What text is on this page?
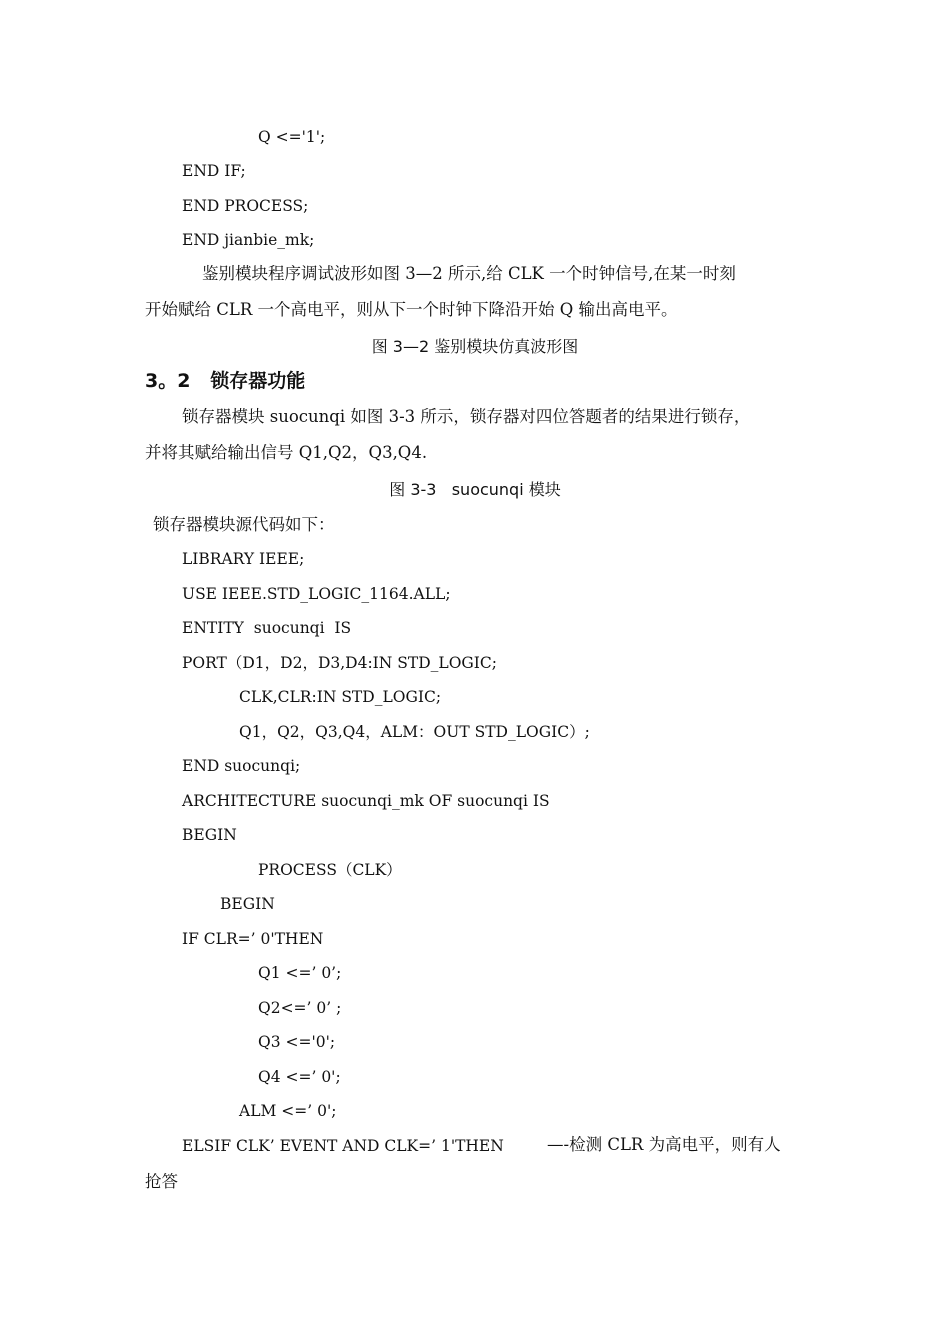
Q <='1';
END IF;
END PROCESS;
END jianbie_mk;
鉴别模块程序调试波形如图 3—2 所示,给 CLK 一个时钟信号,在某一时刻
开始赋给 CLR 一个高电平，则从下一个时钟下降沿开始 Q 输出高电平。
图 3—2 鉴别模块仿真波形图
3。2   锁存器功能
锁存器模块 suocunqi 如图 3-3 所示，锁存器对四位答题者的结果进行锁存，
并将其赋给输出信号 Q1,Q2，Q3,Q4.
图 3-3   suocunqi 模块
锁存器模块源代码如下：
LIBRARY IEEE;
USE IEEE.STD_LOGIC_1164.ALL;
ENTITY  suocunqi  IS
PORT（D1，D2，D3,D4:IN STD_LOGIC;
CLK,CLR:IN STD_LOGIC;
Q1，Q2，Q3,Q4，ALM：OUT STD_LOGIC）;
END suocunqi;
ARCHITECTURE suocunqi_mk OF suocunqi IS
BEGIN
PROCESS（CLK）
BEGIN
IF CLR=’ 0'THEN
Q1 <=’ 0’;
Q2<=’ 0’ ;
Q3 <='0';
Q4 <=’ 0';
ALM <=’ 0';
ELSIF CLK’ EVENT AND CLK=’ 1'THEN	—-检测 CLR 为高电平，则有人
抢答
